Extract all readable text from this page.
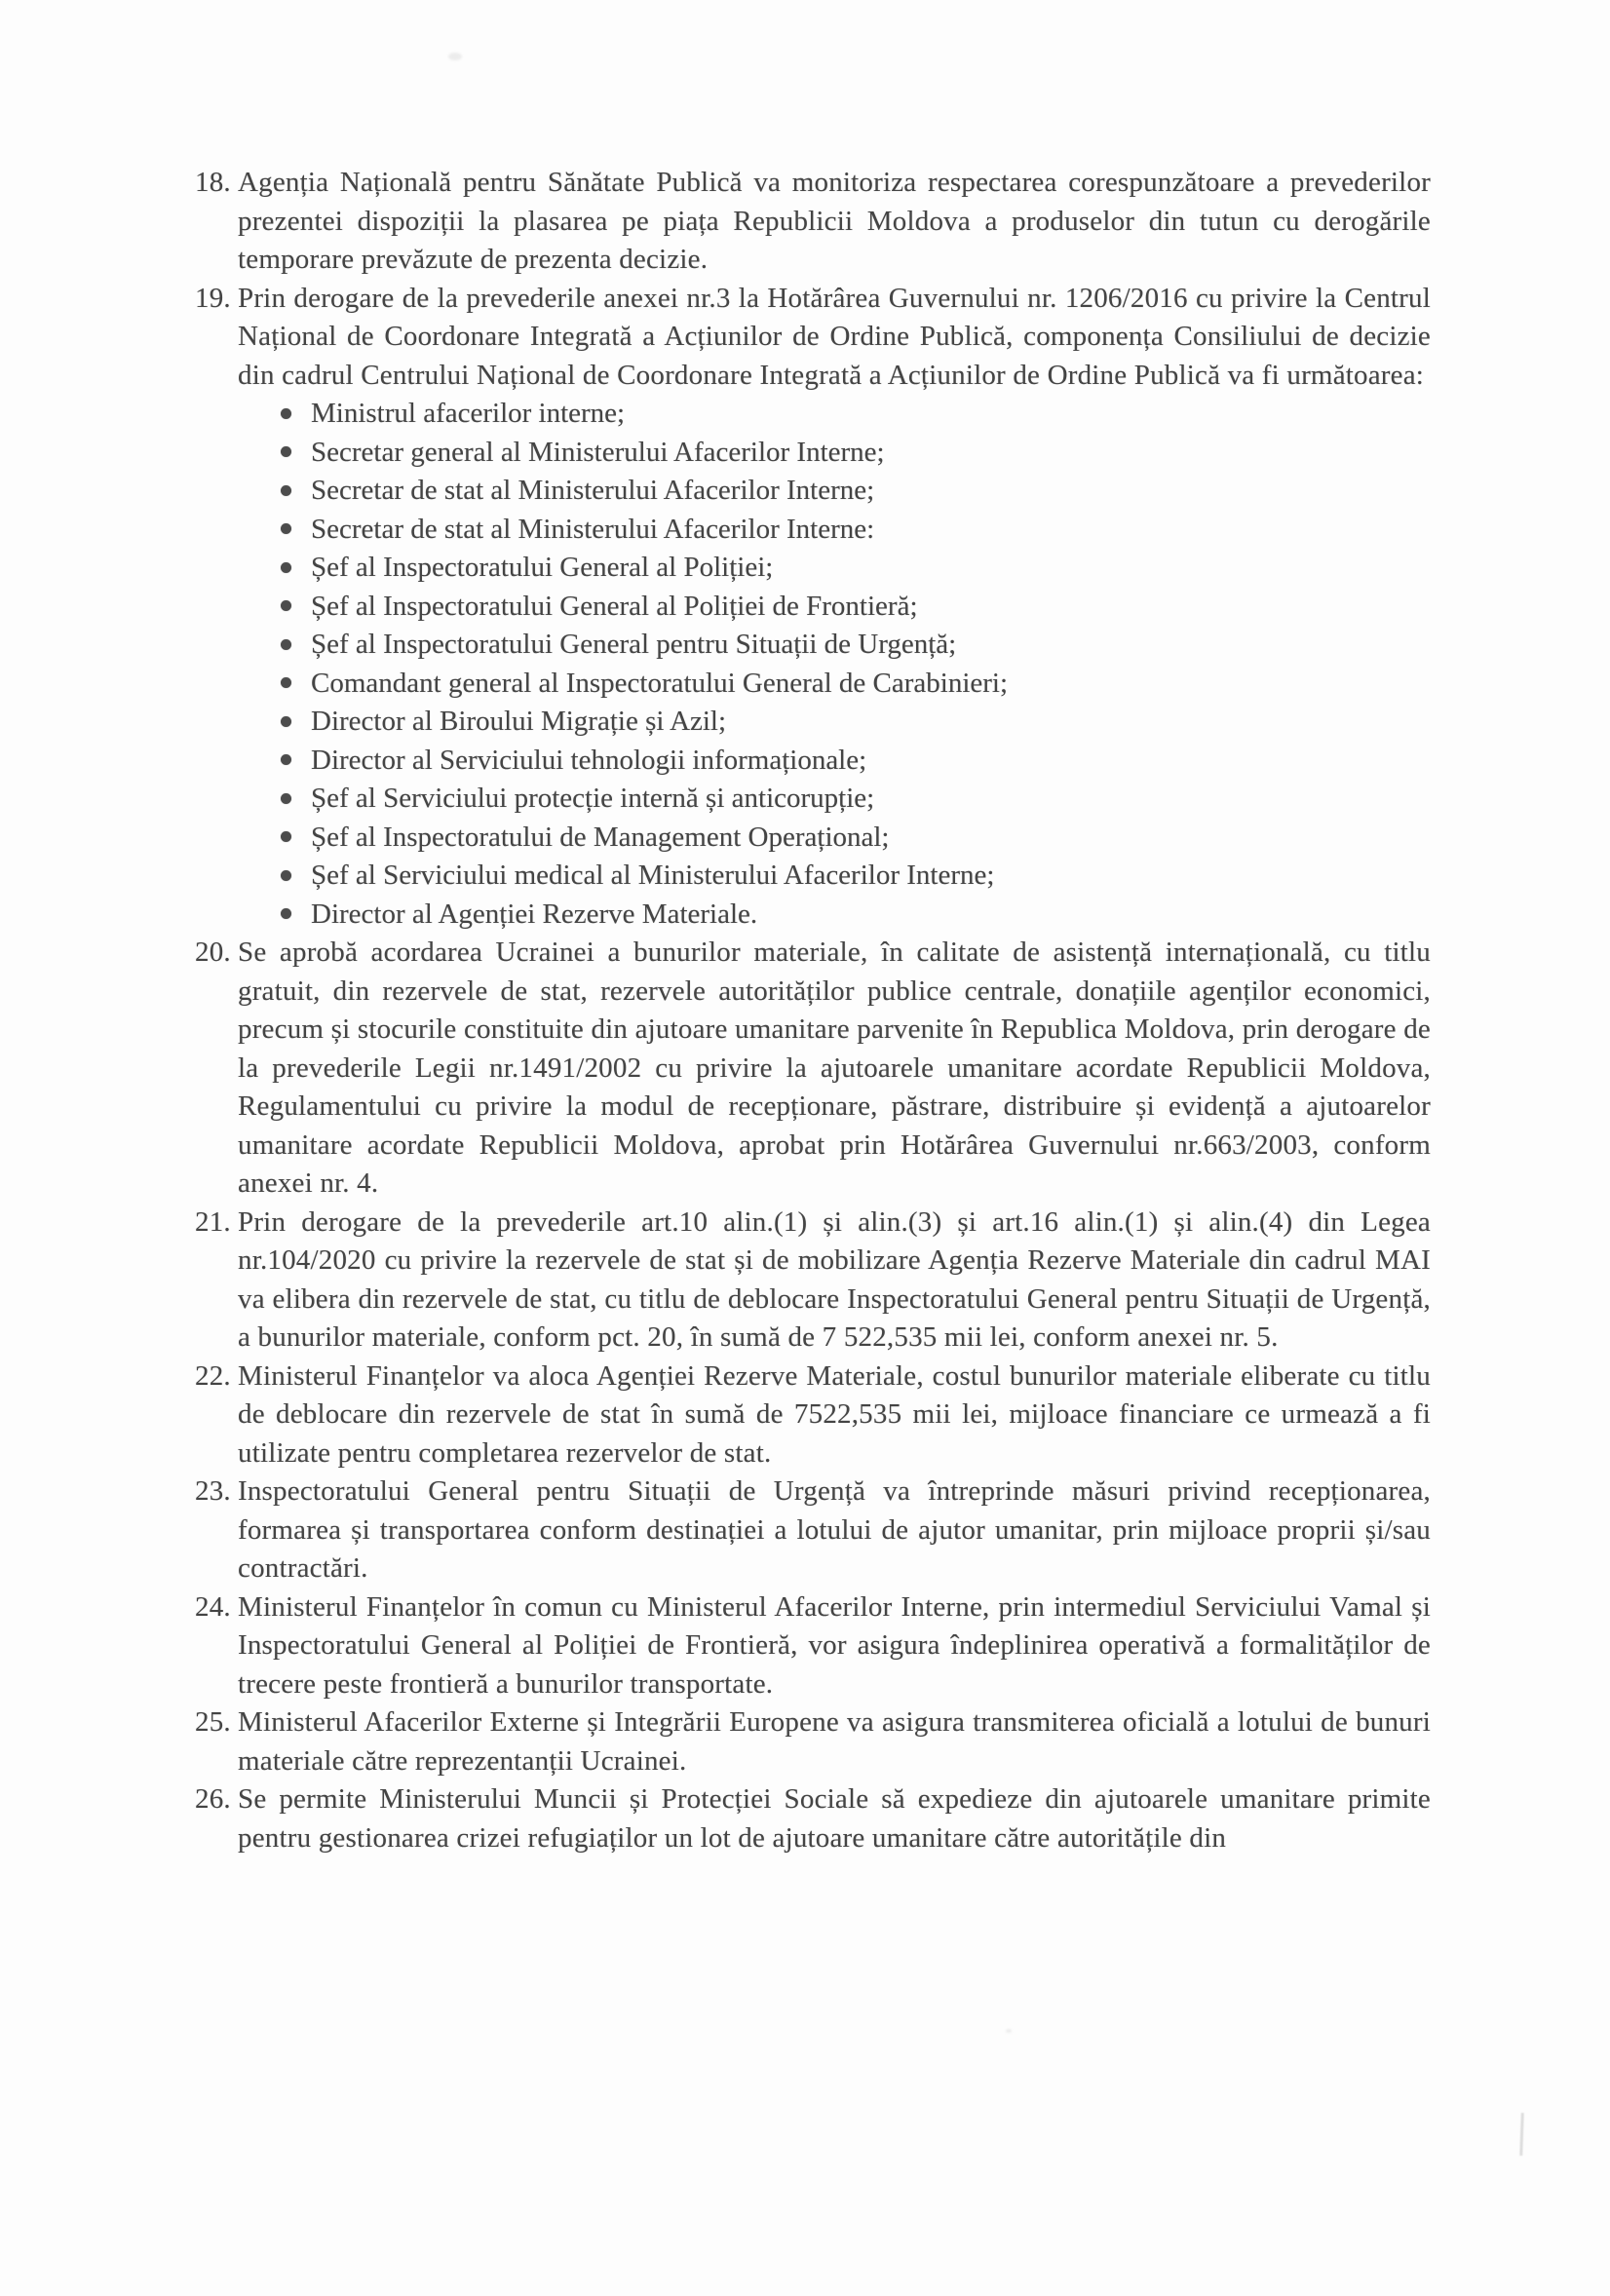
18. Agenția Națională pentru Sănătate Publică va monitoriza respectarea corespunzătoare a prevederilor prezentei dispoziții la plasarea pe piața Republicii Moldova a produselor din tutun cu derogările temporare prevăzute de prezenta decizie.
19. Prin derogare de la prevederile anexei nr.3 la Hotărârea Guvernului nr. 1206/2016 cu privire la Centrul Național de Coordonare Integrată a Acțiunilor de Ordine Publică, componența Consiliului de decizie din cadrul Centrului Național de Coordonare Integrată a Acțiunilor de Ordine Publică va fi următoarea:
Ministrul afacerilor interne;
Secretar general al Ministerului Afacerilor Interne;
Secretar de stat al Ministerului Afacerilor Interne;
Secretar de stat al Ministerului Afacerilor Interne:
Șef al Inspectoratului General al Poliției;
Șef al Inspectoratului General al Poliției de Frontieră;
Șef al Inspectoratului General pentru Situații de Urgență;
Comandant general al Inspectoratului General de Carabinieri;
Director al Biroului Migrație și Azil;
Director al Serviciului tehnologii informaționale;
Șef al Serviciului protecție internă și anticorupție;
Șef al Inspectoratului de Management Operațional;
Șef al Serviciului medical al Ministerului Afacerilor Interne;
Director al Agenției Rezerve Materiale.
20. Se aprobă acordarea Ucrainei a bunurilor materiale, în calitate de asistență internațională, cu titlu gratuit, din rezervele de stat, rezervele autorităților publice centrale, donațiile agenților economici, precum și stocurile constituite din ajutoare umanitare parvenite în Republica Moldova, prin derogare de la prevederile Legii nr.1491/2002 cu privire la ajutoarele umanitare acordate Republicii Moldova, Regulamentului cu privire la modul de recepționare, păstrare, distribuire și evidență a ajutoarelor umanitare acordate Republicii Moldova, aprobat prin Hotărârea Guvernului nr.663/2003, conform anexei nr. 4.
21. Prin derogare de la prevederile art.10 alin.(1) și alin.(3) și art.16 alin.(1) și alin.(4) din Legea nr.104/2020 cu privire la rezervele de stat și de mobilizare Agenția Rezerve Materiale din cadrul MAI va elibera din rezervele de stat, cu titlu de deblocare Inspectoratului General pentru Situații de Urgență, a bunurilor materiale, conform pct. 20, în sumă de 7 522,535 mii lei, conform anexei nr. 5.
22. Ministerul Finanțelor va aloca Agenției Rezerve Materiale, costul bunurilor materiale eliberate cu titlu de deblocare din rezervele de stat în sumă de 7522,535 mii lei, mijloace financiare ce urmează a fi utilizate pentru completarea rezervelor de stat.
23. Inspectoratului General pentru Situații de Urgență va întreprinde măsuri privind recepționarea, formarea și transportarea conform destinației a lotului de ajutor umanitar, prin mijloace proprii și/sau contractări.
24. Ministerul Finanțelor în comun cu Ministerul Afacerilor Interne, prin intermediul Serviciului Vamal și Inspectoratului General al Poliției de Frontieră, vor asigura îndeplinirea operativă a formalităților de trecere peste frontieră a bunurilor transportate.
25. Ministerul Afacerilor Externe și Integrării Europene va asigura transmiterea oficială a lotului de bunuri materiale către reprezentanții Ucrainei.
26. Se permite Ministerului Muncii și Protecției Sociale să expedieze din ajutoarele umanitare primite pentru gestionarea crizei refugiaților un lot de ajutoare umanitare către autoritățile din
